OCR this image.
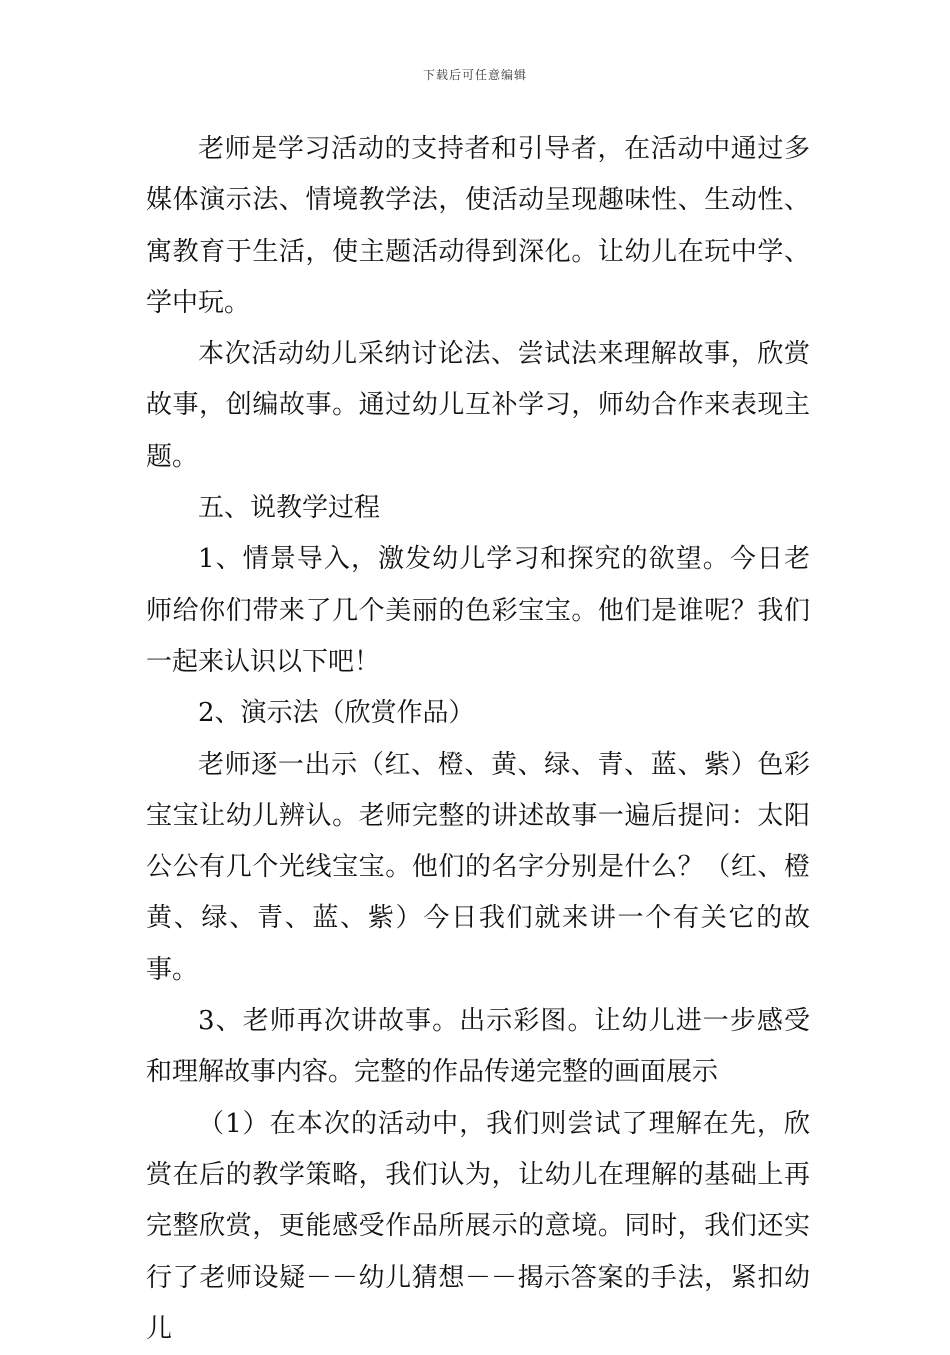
下载后可任意编辑

老师是学习活动的支持者和引导者，在活动中通过多媒体演示法、情境教学法，使活动呈现趣味性、生动性、寓教育于生活，使主题活动得到深化。让幼儿在玩中学、学中玩。

本次活动幼儿采纳讨论法、尝试法来理解故事，欣赏故事，创编故事。通过幼儿互补学习，师幼合作来表现主题。

五、说教学过程

1、情景导入，激发幼儿学习和探究的欲望。今日老师给你们带来了几个美丽的色彩宝宝。他们是谁呢？我们一起来认识以下吧！

2、演示法（欣赏作品）

老师逐一出示（红、橙、黄、绿、青、蓝、紫）色彩宝宝让幼儿辨认。老师完整的讲述故事一遍后提问：太阳公公有几个光线宝宝。他们的名字分别是什么？（红、橙黄、绿、青、蓝、紫）今日我们就来讲一个有关它的故事。

3、老师再次讲故事。出示彩图。让幼儿进一步感受和理解故事内容。完整的作品传递完整的画面展示

（1）在本次的活动中，我们则尝试了理解在先，欣赏在后的教学策略，我们认为，让幼儿在理解的基础上再完整欣赏，更能感受作品所展示的意境。同时，我们还实行了老师设疑－－幼儿猜想－－揭示答案的手法，紧扣幼儿
